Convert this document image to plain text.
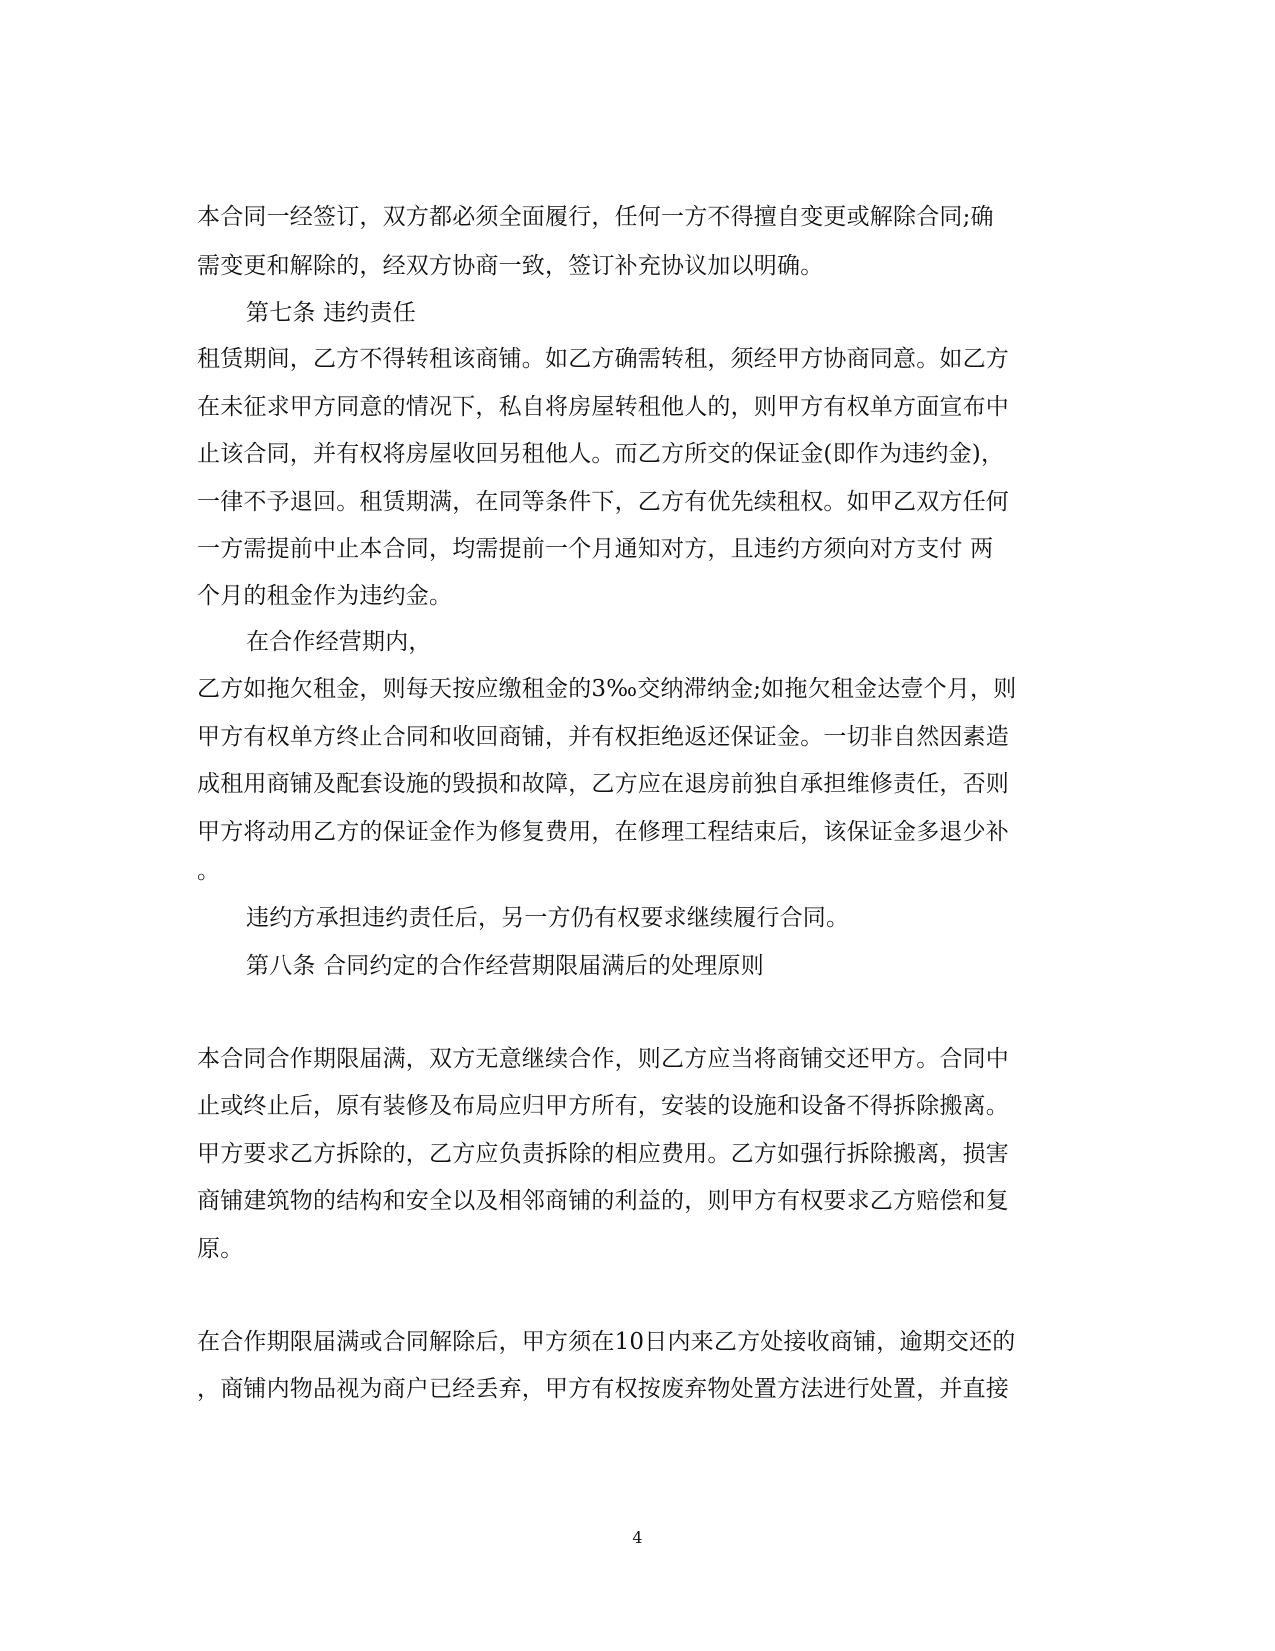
本合同一经签订，双方都必须全面履行，任何一方不得擅自变更或解除合同;确
需变更和解除的，经双方协商一致，签订补充协议加以明确。
第七条 违约责任
租赁期间，乙方不得转租该商铺。如乙方确需转租，须经甲方协商同意。如乙方
在未征求甲方同意的情况下，私自将房屋转租他人的，则甲方有权单方面宣布中
止该合同，并有权将房屋收回另租他人。而乙方所交的保证金(即作为违约金)，
一律不予退回。租赁期满，在同等条件下，乙方有优先续租权。如甲乙双方任何
一方需提前中止本合同，均需提前一个月通知对方，且违约方须向对方支付 两
个月的租金作为违约金。
在合作经营期内，
乙方如拖欠租金，则每天按应缴租金的3‰交纳滞纳金;如拖欠租金达壹个月，则
甲方有权单方终止合同和收回商铺，并有权拒绝返还保证金。一切非自然因素造
成租用商铺及配套设施的毁损和故障，乙方应在退房前独自承担维修责任，否则
甲方将动用乙方的保证金作为修复费用，在修理工程结束后，该保证金多退少补
。
违约方承担违约责任后，另一方仍有权要求继续履行合同。
第八条 合同约定的合作经营期限届满后的处理原则
本合同合作期限届满，双方无意继续合作，则乙方应当将商铺交还甲方。合同中
止或终止后，原有装修及布局应归甲方所有，安装的设施和设备不得拆除搬离。
甲方要求乙方拆除的，乙方应负责拆除的相应费用。乙方如强行拆除搬离，损害
商铺建筑物的结构和安全以及相邻商铺的利益的，则甲方有权要求乙方赔偿和复
原。
在合作期限届满或合同解除后，甲方须在10日内来乙方处接收商铺，逾期交还的
，商铺内物品视为商户已经丢弃，甲方有权按废弃物处置方法进行处置，并直接
4
